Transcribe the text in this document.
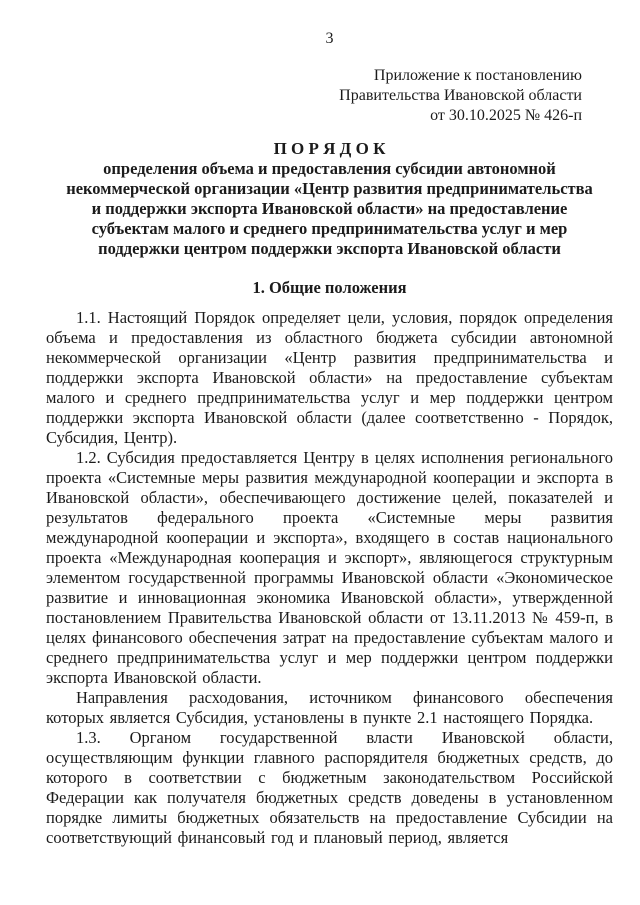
3
Приложение к постановлению
Правительства Ивановской области
от 30.10.2025 № 426-п
П О Р Я Д О К
определения объема и предоставления субсидии автономной
некоммерческой организации «Центр развития предпринимательства
и поддержки экспорта Ивановской области» на предоставление
субъектам малого и среднего предпринимательства услуг и мер
поддержки центром поддержки экспорта Ивановской области
1. Общие положения

1.1. Настоящий Порядок определяет цели, условия, порядок определения объема и предоставления из областного бюджета субсидии автономной некоммерческой организации «Центр развития предпринимательства и поддержки экспорта Ивановской области» на предоставление субъектам малого и среднего предпринимательства услуг и мер поддержки центром поддержки экспорта Ивановской области (далее соответственно - Порядок, Субсидия, Центр).

1.2. Субсидия предоставляется Центру в целях исполнения регионального проекта «Системные меры развития международной кооперации и экспорта в Ивановской области», обеспечивающего достижение целей, показателей и результатов федерального проекта «Системные меры развития международной кооперации и экспорта», входящего в состав национального проекта «Международная кооперация и экспорт», являющегося структурным элементом государственной программы Ивановской области «Экономическое развитие и инновационная экономика Ивановской области», утвержденной постановлением Правительства Ивановской области от 13.11.2013 № 459-п, в целях финансового обеспечения затрат на предоставление субъектам малого и среднего предпринимательства услуг и мер поддержки центром поддержки экспорта Ивановской области.

Направления расходования, источником финансового обеспечения которых является Субсидия, установлены в пункте 2.1 настоящего Порядка.

1.3. Органом государственной власти Ивановской области, осуществляющим функции главного распорядителя бюджетных средств, до которого в соответствии с бюджетным законодательством Российской Федерации как получателя бюджетных средств доведены в установленном порядке лимиты бюджетных обязательств на предоставление Субсидии на соответствующий финансовый год и плановый период, является
